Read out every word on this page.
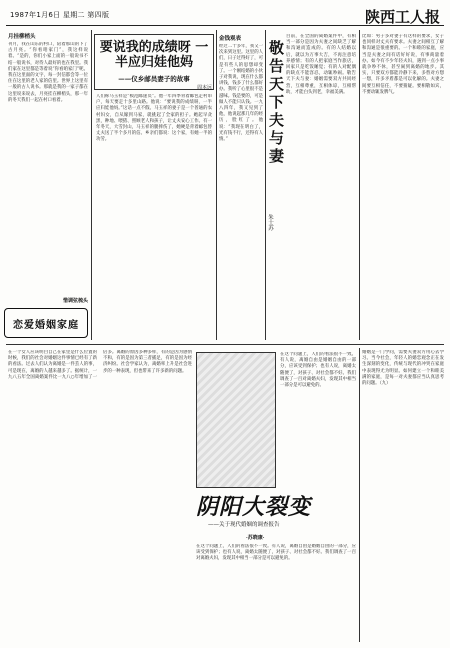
1987年1月6日 星期二 第四版	陕西工人报
月挂柳梢头
刊月，我在山东的村口，陪着那山的下了古月亮。“你看咱家门”，我这样说着。“是的，你们小家上面的一般说书不结一般说书，对待人最好的也在我里。我们家在这里都是等着说“你看咱家门”呢。我在这里面的文字，每一封信都会等一位住在这里的老人家的信里。世界上这里有一般的古人说书。那就是我的一家子都在这里说来说去，月亮挂在柳梢头，那一年的冬天我们一起在村口看着。
惜调弦梳头
恋爱婚姻家庭
要说我的成绩呀 一半应归娃他妈
——仪乡邮员妻子的故事
周本远
人们称马玉祥是“模范邮递员”。他一年四季背着邮包走村串户，每天要走十多里山路。他说：“要说我的成绩呀，一半应归娃他妈。”这话一点不假。马玉祥的妻子是一个普通的农村妇女，自从嫁到马家，就挑起了全家的担子。她起早贪黑，种地、喂猪、照顾老人和孩子，让丈夫安心工作。有一年冬天，大雪封山，马玉祥的腿摔伤了，她硬是背着邮包替丈夫送了半个多月的信。乡亲们都说：这个家，有她一半的功劳。
金钱观表
经过二十多年，我又一次来到这里。这里的人们，日子过得好了，可是有些人的思想却变了。一个刚结婚的小伙子对我说，现在什么都讲钱，钱多了什么都好办。我听了心里很不是滋味。钱是要的，可是做人不能只认钱。一九八四年，我又见到了他，他说起那几年的经历，脸红了。他说：“我现在明白了，光有钱不行，还得有人情。”	敬告天下夫与妻
朱士苏
目前，在全国的离婚案件中，有相当一部分是因为夫妻之间缺乏了解和沟通而造成的。有的人结婚以后，就以为万事大吉，不再注意培养感情；有的人把家庭当作旅店，回家只是吃饭睡觉；有的人对配偶的缺点不能容忍，动辄吵闹。敬告天下夫与妻：婚姻需要双方共同经营，互相尊重，互相体谅，互相帮助，才能白头到老，幸福美满。
比如：男子多对妻子有这样的要求，女子也同样对丈夫有要求。夫妻之间相互了解和沟通是很重要的。一个和睦的家庭，应当是夫妻之间有话好好说，有事商量着办。如今有不少年轻夫妇，遇到一点小事就争吵不休，甚至闹到离婚的地步。其实，只要双方都能冷静下来，多替对方想一想，许多矛盾都是可以化解的。夫妻之间要互相信任，不要猜疑。要相敬如宾，不要动辄发脾气。
在一个女人应该明白自己在家里是什么位置的时候，我们的社会对婚姻这件事情已经有了新的看法。过去人们认为离婚是一件丢人的事，可是现在，离婚的人越来越多了。据统计，一九八五年全国离婚案件比一九八○年增加了一倍多。离婚的原因多种多样，有的是因为感情不和，有的是因为第三者插足，有的是因为经济纠纷。社会学家认为，离婚率上升是社会进步的一种表现，但也带来了许多新的问题。
阴阳大裂变
——关于现代婚姻的调查报告
·苏晓康·
在这个问题上，人们的看法很不一致。有人说，离婚自由是婚姻自由的一部分，应该受到保护；也有人说，离婚太随便了，对孩子、对社会都不好。我们调查了一百对离婚夫妇，发现其中相当一部分是可以避免的。
在这个问题上，人们的看法很不一致。有人说，离婚自由是婚姻自由的一部分，应该受到保护；也有人说，离婚太随便了，对孩子、对社会都不好。我们调查了一百对离婚夫妇，发现其中相当一部分是可以避免的。
婚姻是一门学问，需要夫妻双方用心去学习。当今社会，年轻人的婚恋观念正在发生深刻的变化，传统与现代的冲突在家庭中表现得尤为明显。如何建立一个和睦美满的家庭，是每一对夫妻都应当认真思考的问题。（九）
